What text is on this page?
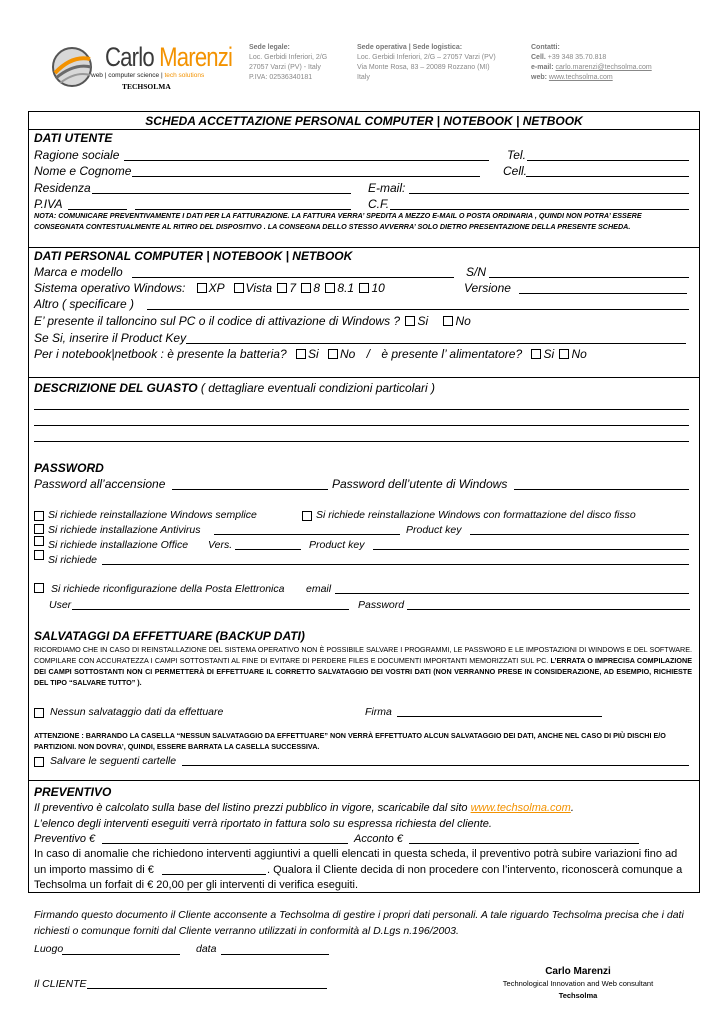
Carlo Marenzi
web | computer science | tech solutions
TECHSOLMA
Sede legale:
Loc. Gerbidi Inferiori, 2/G
27057 Varzi (PV) - Italy
P.IVA: 02536340181
Sede operativa | Sede logistica:
Loc. Gerbidi Inferiori, 2/G – 27057 Varzi (PV)
Via Monte Rosa, 83 – 20089 Rozzano (MI)
Italy
Contatti:
Cell. +39 348 35.70.818
e-mail: carlo.marenzi@techsolma.com
web: www.techsolma.com
SCHEDA ACCETTAZIONE PERSONAL COMPUTER | NOTEBOOK | NETBOOK
DATI UTENTE
Ragione sociale	Tel.
Nome e Cognome	Cell.
Residenza	E-mail:
P.IVA	C.F.
NOTA: COMUNICARE PREVENTIVAMENTE I DATI PER LA FATTURAZIONE. LA FATTURA VERRA’ SPEDITA A MEZZO E-MAIL O POSTA ORDINARIA , QUINDI NON POTRA’ ESSERE CONSEGNATA CONTESTUALMENTE AL RITIRO DEL DISPOSITIVO . LA CONSEGNA DELLO STESSO AVVERRA’ SOLO DIETRO PRESENTAZIONE DELLA PRESENTE SCHEDA.
DATI PERSONAL COMPUTER | NOTEBOOK | NETBOOK
Marca e modello	S/N
Sistema operativo Windows: XP Vista 7 8 8.1 10	Versione
Altro ( specificare )
E’ presente il talloncino sul PC o il codice di attivazione di Windows ? Si No
Se Si, inserire il Product Key
Per i notebook|netbook : è presente la batteria? Si No / è presente l’ alimentatore? Si No
DESCRIZIONE DEL GUASTO ( dettagliare eventuali condizioni particolari )
PASSWORD
Password all’accensione	Password dell’utente di Windows
Si richiede reinstallazione Windows semplice	Si richiede reinstallazione Windows con formattazione del disco fisso
Si richiede installazione Antivirus	Product key
Si richiede installazione Office Vers.	Product key
Si richiede
Si richiede riconfigurazione della Posta Elettronica email
User	Password
SALVATAGGI DA EFFETTUARE (BACKUP DATI)
RICORDIAMO CHE IN CASO DI REINSTALLAZIONE DEL SISTEMA OPERATIVO NON È POSSIBILE SALVARE I PROGRAMMI, LE PASSWORD E LE IMPOSTAZIONI DI WINDOWS E DEL SOFTWARE. COMPILARE CON ACCURATEZZA I CAMPI SOTTOSTANTI AL FINE DI EVITARE DI PERDERE FILES E DOCUMENTI IMPORTANTI MEMORIZZATI SUL PC. L’ERRATA O IMPRECISA COMPILAZIONE DEI CAMPI SOTTOSTANTI NON CI PERMETTERÀ DI EFFETTUARE IL CORRETTO SALVATAGGIO DEI VOSTRI DATI (NON VERRANNO PRESE IN CONSIDERAZIONE, AD ESEMPIO, RICHIESTE DEL TIPO “SALVARE TUTTO” ).
Nessun salvataggio dati da effettuare	Firma
ATTENZIONE : BARRANDO LA CASELLA “NESSUN SALVATAGGIO DA EFFETTUARE” NON VERRÀ EFFETTUATO ALCUN SALVATAGGIO DEI DATI, ANCHE NEL CASO DI PIÙ DISCHI E/O PARTIZIONI. NON DOVRA’, QUINDI, ESSERE BARRATA LA CASELLA SUCCESSIVA.
Salvare le seguenti cartelle
PREVENTIVO
Il preventivo è calcolato sulla base del listino prezzi pubblico in vigore, scaricabile dal sito www.techsolma.com.
L’elenco degli interventi eseguiti verrà riportato in fattura solo su espressa richiesta del cliente.
Preventivo €	Acconto €
In caso di anomalie che richiedono interventi aggiuntivi a quelli elencati in questa scheda, il preventivo potrà subire variazioni fino ad
un importo massimo di €	. Qualora il Cliente decida di non procedere con l’intervento, riconoscerà comunque a
Techsolma un forfait di € 20,00 per gli interventi di verifica eseguiti.
Firmando questo documento il Cliente acconsente a Techsolma di gestire i propri dati personali. A tale riguardo Techsolma precisa che i dati richiesti o comunque forniti dal Cliente verranno utilizzati in conformità al D.Lgs n.196/2003.
Luogo	data
Il CLIENTE
Carlo Marenzi
Technological Innovation and Web consultant
Techsolma
